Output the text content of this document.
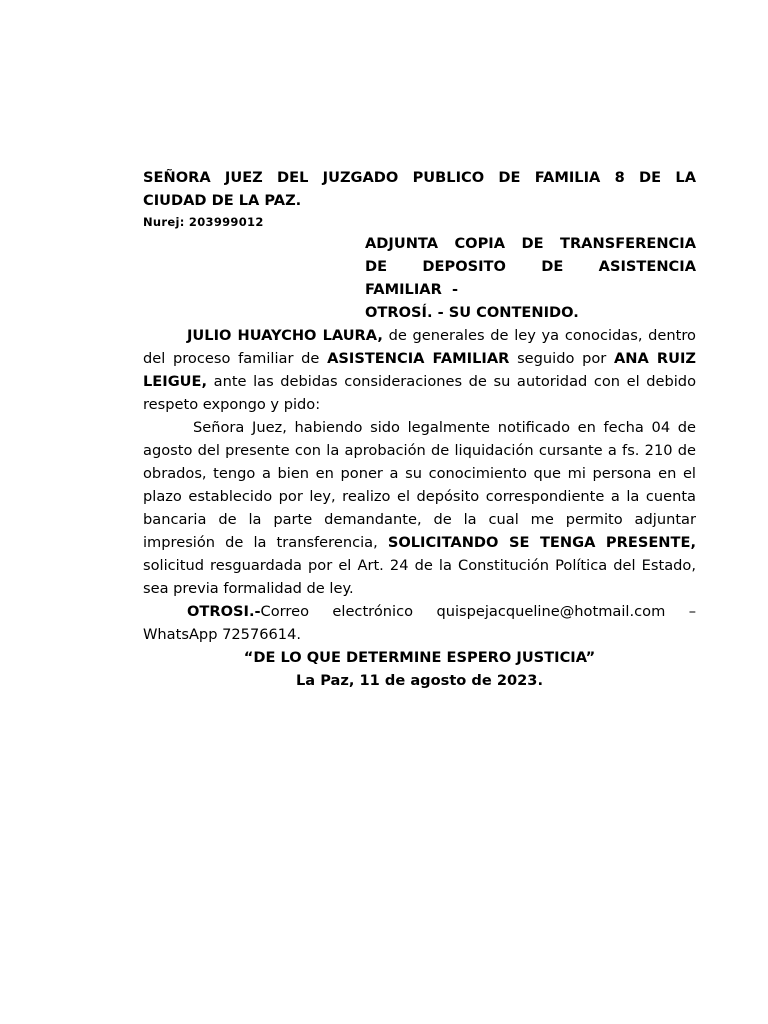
SEÑORA JUEZ DEL JUZGADO PUBLICO DE FAMILIA 8 DE LA

CIUDAD DE LA PAZ.

Nurej: 203999012

ADJUNTA COPIA DE TRANSFERENCIA

DE DEPOSITO DE ASISTENCIA

FAMILIAR  -

OTROSÍ. - SU CONTENIDO.

JULIO HUAYCHO LAURA, de generales de ley ya conocidas, dentro del proceso familiar de ASISTENCIA FAMILIAR seguido por ANA RUIZ LEIGUE, ante las debidas consideraciones de su autoridad con el debido respeto expongo y pido:

Señora Juez, habiendo sido legalmente notificado en fecha 04 de agosto del presente con la aprobación de liquidación cursante a fs. 210 de obrados, tengo a bien en poner a su conocimiento que mi persona en el plazo establecido por ley, realizo el depósito correspondiente a la cuenta bancaria de la parte demandante, de la cual me permito adjuntar impresión de la transferencia, SOLICITANDO SE TENGA PRESENTE, solicitud resguardada por el Art. 24 de la Constitución Política del Estado, sea previa formalidad de ley.

OTROSI.-Correo electrónico quispejacqueline@hotmail.com –

WhatsApp 72576614.

“DE LO QUE DETERMINE ESPERO JUSTICIA”

La Paz, 11 de agosto de 2023.
